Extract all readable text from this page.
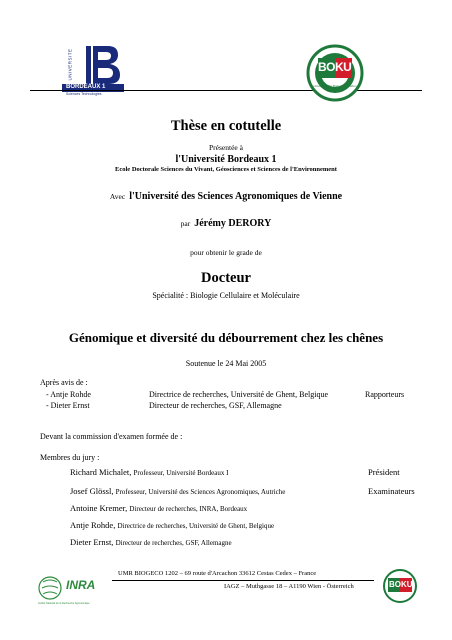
UNIVERSITE
BORDEAUX 1
Sciences Technologies
BOKU
Universität für Bodenkultur Wien
Thèse en cotutelle
Présentée à
l'Université Bordeaux 1
Ecole Doctorale Sciences du Vivant, Géosciences et Sciences de l'Environnement
Avec l'Université des Sciences Agronomiques de Vienne
par Jérémy DERORY
pour obtenir le grade de
Docteur
Spécialité : Biologie Cellulaire et Moléculaire
Génomique et diversité du débourrement chez les chênes
Soutenue le 24 Mai 2005
Après avis de :
- Antje Rohde	Directrice de recherches, Université de Ghent, Belgique	Rapporteurs
- Dieter Ernst	Directeur de recherches, GSF, Allemagne
Devant la commission d'examen formée de :
Membres du jury :
Richard Michalet, Professeur, Université Bordeaux I	Président
Josef Glössl, Professeur, Université des Sciences Agronomiques, Autriche	Examinateurs
Antoine Kremer, Directeur de recherches, INRA, Bordeaux
Antje Rohde, Directrice de recherches, Université de Ghent, Belgique
Dieter Ernst, Directeur de recherches, GSF, Allemagne
INRA
Institut National de la Recherche Agronomique
UMR BIOGECO 1202 – 69 route d'Arcachon 33612 Cestas Cedex – France
IAGZ – Muthgasse 18 – A1190 Wien - Österreich	BOKU
